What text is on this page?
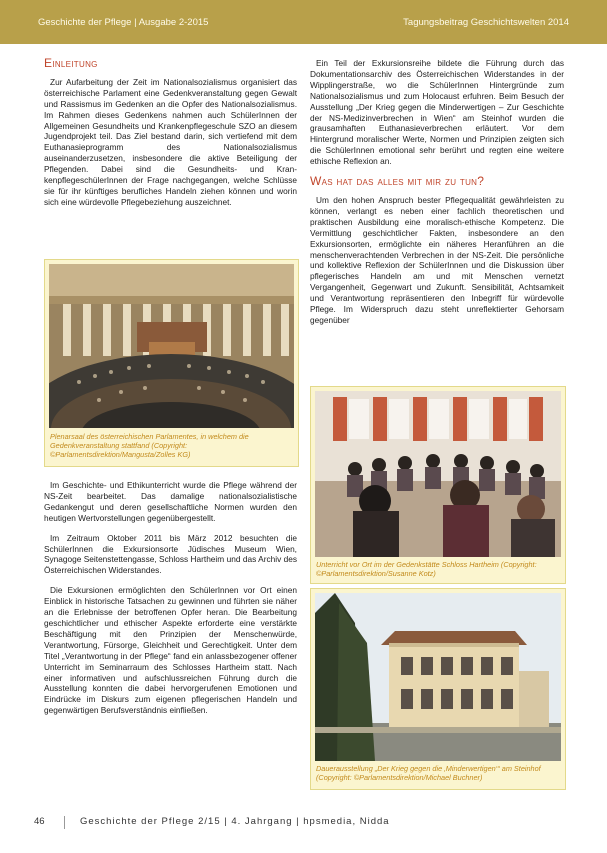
Geschichte der Pflege | Ausgabe 2-2015	Tagungsbeitrag Geschichtswelten 2014
Einleitung

Zur Aufarbeitung der Zeit im Nationalsozialismus organisiert das österreichische Parlament eine Gedenkveranstaltung gegen Gewalt und Rassismus im Gedenken an die Opfer des Nationalsozialismus. Im Rahmen dieses Gedenkens nahmen auch SchülerInnen der Allgemeinen Gesundheits und Krankenpflegeschule SZO an diesem Jugendprojekt teil. Das Ziel bestand darin, sich vertiefend mit dem Euthanasieprogramm des Nationalsozialismus auseinanderzusetzen, insbesondere die aktive Beteiligung der Pflegenden. Dabei sind die Gesundheits- und KrankenpflegeschülerInnen der Frage nachgegangen, welche Schlüsse sie für ihr künftiges berufliches Handeln ziehen können und worin sich eine würdevolle Pflegebeziehung auszeichnet.

Plenarsaal des österreichischen Parlamentes, in welchem die Gedenkveranstaltung stattfand (Copyright: ©Parlamentsdirektion/Mangusta/Zolles KG)

Im Geschichte- und Ethikunterricht wurde die Pflege während der NS-Zeit bearbeitet. Das damalige nationalsozialistische Gedankengut und deren gesellschaftliche Normen wurden den heutigen Wertvorstellungen gegenübergestellt.

Im Zeitraum Oktober 2011 bis März 2012 besuchten die SchülerInnen die Exkursionsorte Jüdisches Museum Wien, Synagoge Seitenstettengasse, Schloss Hartheim und das Archiv des Österreichischen Widerstandes.

Die Exkursionen ermöglichten den SchülerInnen vor Ort einen Einblick in historische Tatsachen zu gewinnen und führten sie näher an die Erlebnisse der betroffenen Opfer heran. Die Bearbeitung geschichtlicher und ethischer Aspekte erforderte eine verstärkte Beschäftigung mit den Prinzipien der Menschenwürde, Verantwortung, Fürsorge, Gleichheit und Gerechtigkeit. Unter dem Titel „Verantwortung in der Pflege“ fand ein anlassbezogener offener Unterricht im Seminarraum des Schlosses Hartheim statt. Nach einer informativen und aufschlussreichen Führung durch die Ausstellung konnten die dabei hervorgerufenen Emotionen und Eindrücke im Diskurs zum eigenen pflegerischen Handeln und gegenwärtigen Berufsverständnis einfließen.

Ein Teil der Exkursionsreihe bildete die Führung durch das Dokumentationsarchiv des Österreichischen Widerstandes in der Wipplingerstraße, wo die SchülerInnen Hintergründe zum Nationalsozialismus und zum Holocaust erfuhren. Beim Besuch der Ausstellung „Der Krieg gegen die Minderwertigen – Zur Geschichte der NS-Medizinverbrechen in Wien“ am Steinhof wurden die grausamhaften Euthanasieverbrechen erläutert. Vor dem Hintergrund moralischer Werte, Normen und Prinzipien zeigten sich die SchülerInnen emotional sehr berührt und regten eine weitere ethische Reflexion an.

Was hat das alles mit mir zu tun?

Um den hohen Anspruch bester Pflegequalität gewährleisten zu können, verlangt es neben einer fachlich theoretischen und praktischen Ausbildung eine moralisch-ethische Kompetenz. Die Vermittlung geschichtlicher Fakten, insbesondere an den Exkursionsorten, ermöglichte ein näheres Heranführen an die menschenverachtenden Verbrechen in der NS-Zeit. Die persönliche und kollektive Reflexion der SchülerInnen und die Diskussion über pflegerisches Handeln am und mit Menschen vernetzt Vergangenheit, Gegenwart und Zukunft. Sensibilität, Achtsamkeit und Verantwortung repräsentieren den Inbegriff für würdevolle Pflege. Im Widerspruch dazu steht unreflektierter Gehorsam gegenüber

Unterricht vor Ort im der Gedenkstätte Schloss Hartheim (Copyright: ©Parlamentsdirektion/Susanne Kotz)
Dauerausstellung „Der Krieg gegen die ‚Minderwertigen‘“ am Steinhof (Copyright: ©Parlamentsdirektion/Michael Buchner)
46	Geschichte der Pflege 2/15 | 4. Jahrgang | hpsmedia, Nidda
